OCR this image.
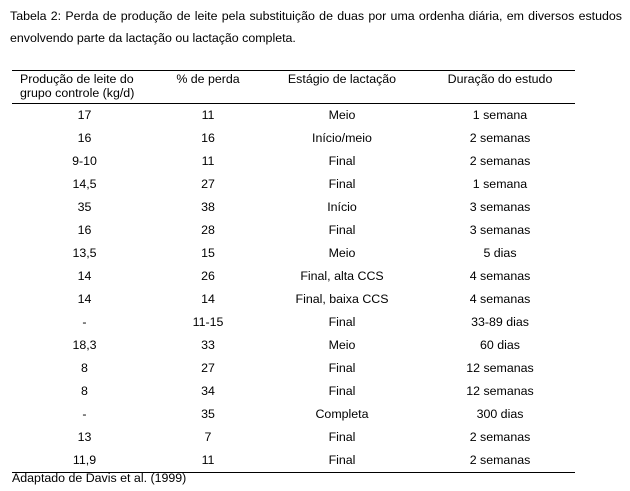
Tabela 2: Perda de produção de leite pela substituição de duas por uma ordenha diária, em diversos estudos envolvendo parte da lactação ou lactação completa.
Produção de leite do grupo controle (kg/d)	% de perda	Estágio de lactação	Duração do estudo
17	11	Meio	1 semana
16	16	Início/meio	2 semanas
9-10	11	Final	2 semanas
14,5	27	Final	1 semana
35	38	Início	3 semanas
16	28	Final	3 semanas
13,5	15	Meio	5 dias
14	26	Final, alta CCS	4 semanas
14	14	Final, baixa CCS	4 semanas
-	11-15	Final	33-89 dias
18,3	33	Meio	60 dias
8	27	Final	12 semanas
8	34	Final	12 semanas
-	35	Completa	300 dias
13	7	Final	2 semanas
11,9	11	Final	2 semanas
Adaptado de Davis et al. (1999)
